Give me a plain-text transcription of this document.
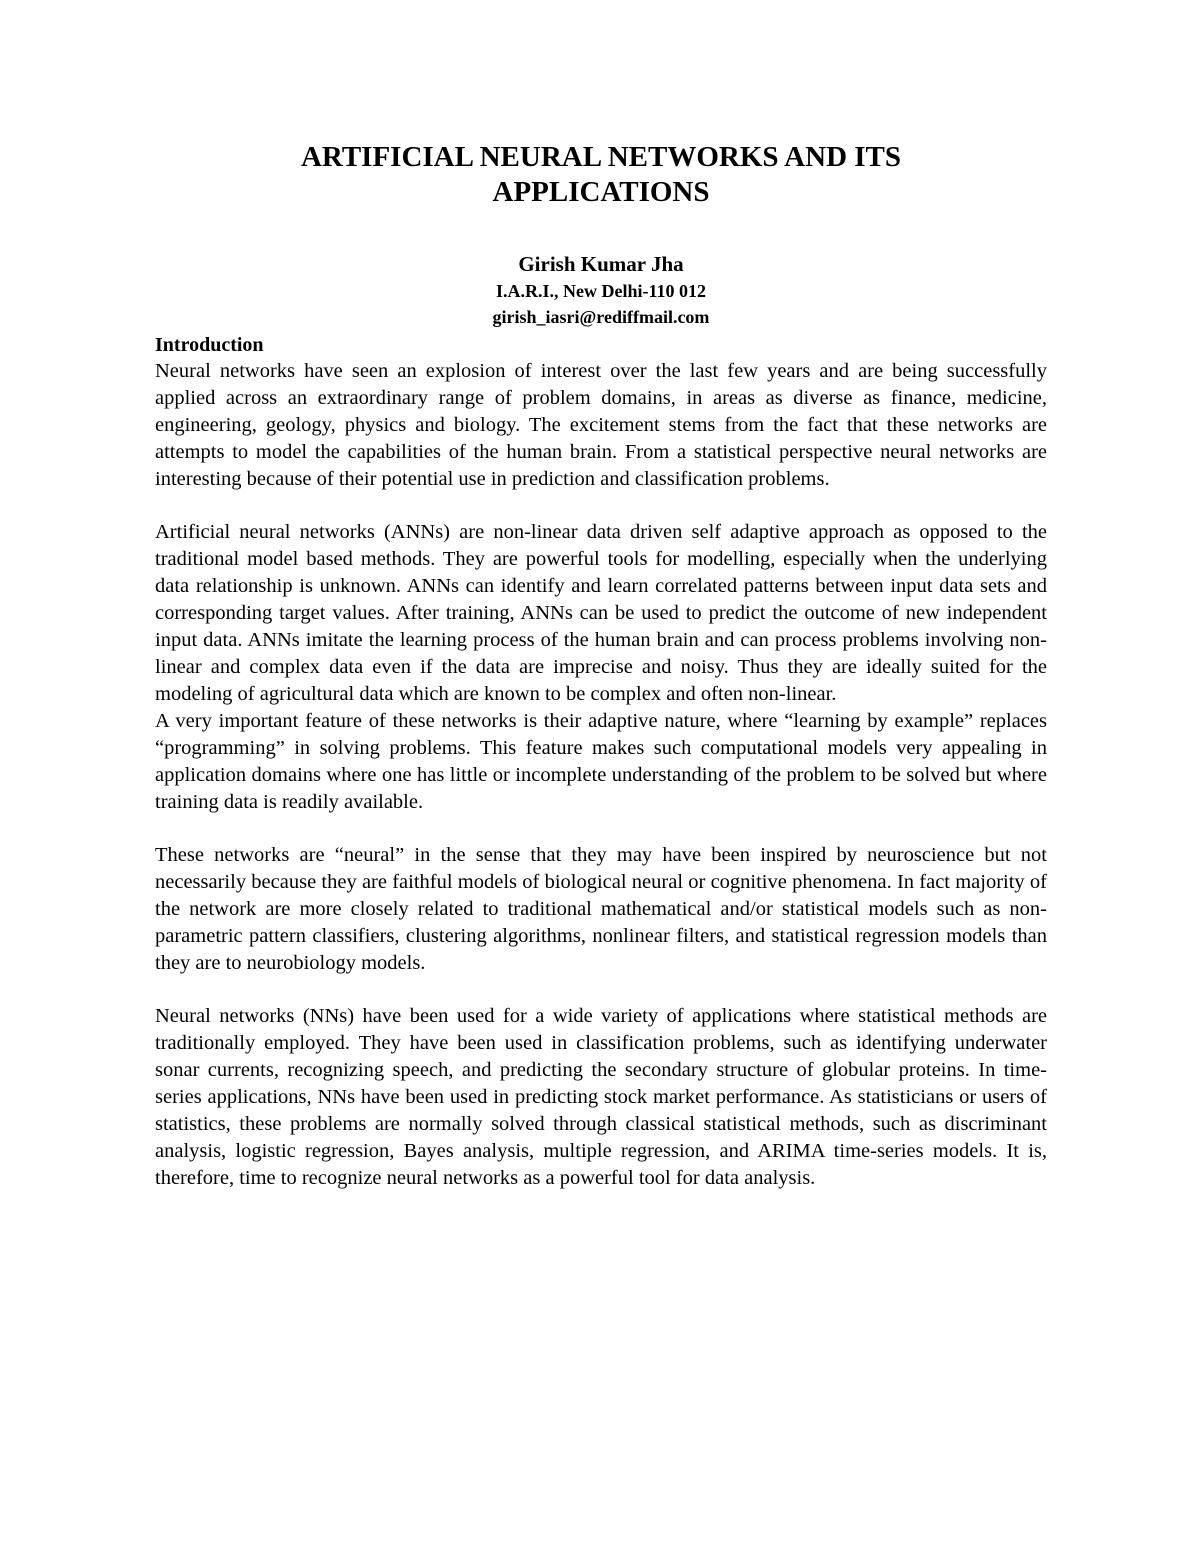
ARTIFICIAL NEURAL NETWORKS AND ITS
APPLICATIONS
Girish Kumar Jha
I.A.R.I., New Delhi-110 012
girish_iasri@rediffmail.com
Introduction

Neural networks have seen an explosion of interest over the last few years and are being successfully applied across an extraordinary range of problem domains, in areas as diverse as finance, medicine, engineering, geology, physics and biology. The excitement stems from the fact that these networks are attempts to model the capabilities of the human brain. From a statistical perspective neural networks are interesting because of their potential use in prediction and classification problems.

Artificial neural networks (ANNs) are non-linear data driven self adaptive approach as opposed to the traditional model based methods. They are powerful tools for modelling, especially when the underlying data relationship is unknown. ANNs can identify and learn correlated patterns between input data sets and corresponding target values. After training, ANNs can be used to predict the outcome of new independent input data. ANNs imitate the learning process of the human brain and can process problems involving non-linear and complex data even if the data are imprecise and noisy. Thus they are ideally suited for the modeling of agricultural data which are known to be complex and often non-linear.

A very important feature of these networks is their adaptive nature, where “learning by example” replaces “programming” in solving problems. This feature makes such computational models very appealing in application domains where one has little or incomplete understanding of the problem to be solved but where training data is readily available.

These networks are “neural” in the sense that they may have been inspired by neuroscience but not necessarily because they are faithful models of biological neural or cognitive phenomena. In fact majority of the network are more closely related to traditional mathematical and/or statistical models such as non-parametric pattern classifiers, clustering algorithms, nonlinear filters, and statistical regression models than they are to neurobiology models.

Neural networks (NNs) have been used for a wide variety of applications where statistical methods are traditionally employed. They have been used in classification problems, such as identifying underwater sonar currents, recognizing speech, and predicting the secondary structure of globular proteins. In time-series applications, NNs have been used in predicting stock market performance. As statisticians or users of statistics, these problems are normally solved through classical statistical methods, such as discriminant analysis, logistic regression, Bayes analysis, multiple regression, and ARIMA time-series models. It is, therefore, time to recognize neural networks as a powerful tool for data analysis.
